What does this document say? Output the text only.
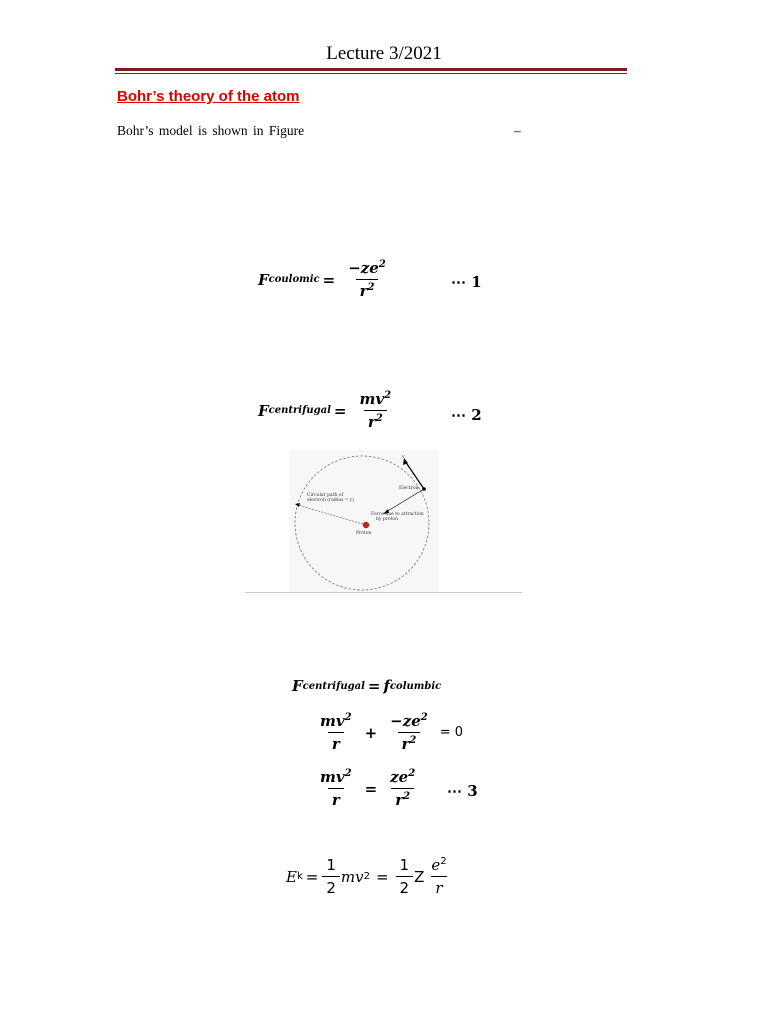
Lecture 3/2021
Bohr’s theory of the atom
Bohr’s model is shown in Figure	–
F coulomic = $\frac{-ze^2}{r^2}$	⋯ 1
F centrifugal = $\frac{mv^2}{r^2}$	⋯ 2
v
Electron
Circular path of
electron (radius = r)
Force due to attraction
by proton
Proton
F centrifugal = f columbic
$\frac{mv^2}{r} + \frac{-ze^2}{r^2} = 0$
$\frac{mv^2}{r} = \frac{ze^2}{r^2}$ ⋯ 3
E $k = \frac{1}{2}$ mv $2 = \frac{1}{2}$ Z $\frac{e^2}{r}$
